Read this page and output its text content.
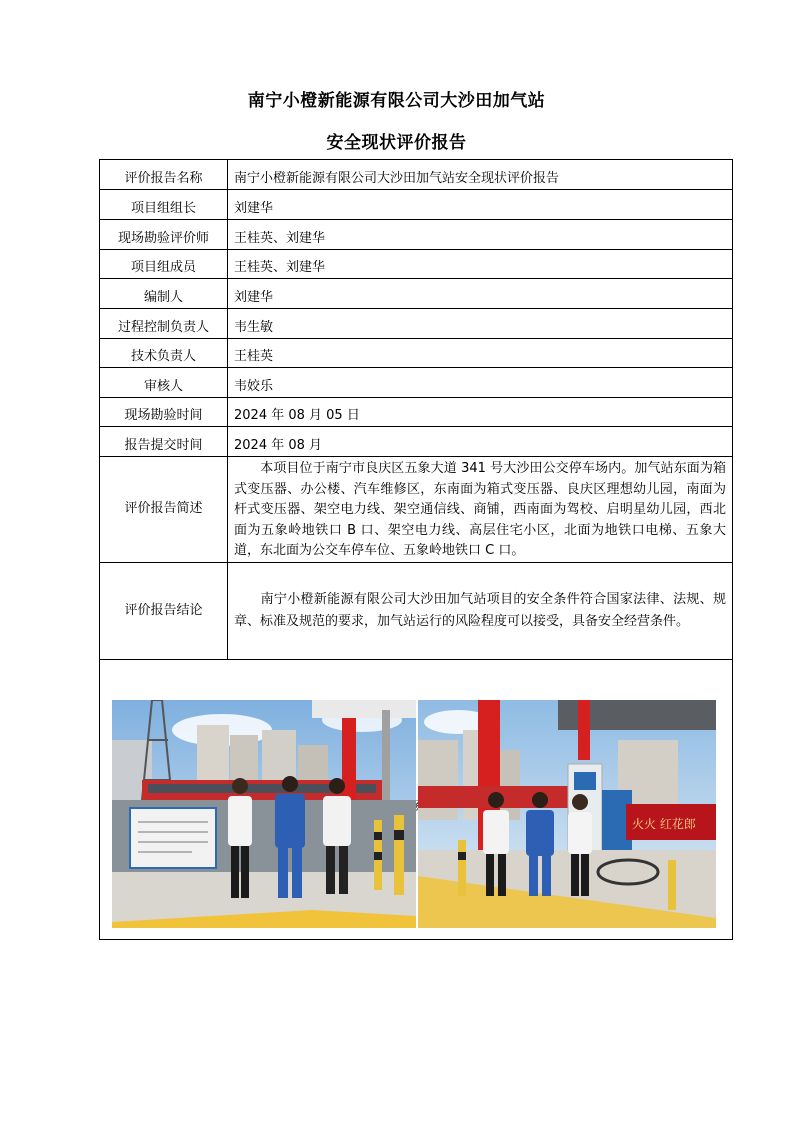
南宁小橙新能源有限公司大沙田加气站
安全现状评价报告
评价报告名称	南宁小橙新能源有限公司大沙田加气站安全现状评价报告
项目组组长	刘建华
现场勘验评价师	王桂英、刘建华
项目组成员	王桂英、刘建华
编制人	刘建华
过程控制负责人	韦生敏
技术负责人	王桂英
审核人	韦姣乐
现场勘验时间	2024 年 08 月 05 日
报告提交时间	2024 年 08 月
评价报告简述	　　本项目位于南宁市良庆区五象大道 341 号大沙田公交停车场内。加气站东面为箱式变压器、办公楼、汽车维修区，东南面为箱式变压器、良庆区理想幼儿园，南面为杆式变压器、架空电力线、架空通信线、商铺，西南面为驾校、启明星幼儿园，西北面为五象岭地铁口 B 口、架空电力线、高层住宅小区，北面为地铁口电梯、五象大道，东北面为公交车停车位、五象岭地铁口 C 口。
评价报告结论	　　南宁小橙新能源有限公司大沙田加气站项目的安全条件符合国家法律、法规、规章、标准及规范的要求，加气站运行的风险程度可以接受，具备安全经营条件。

火火 红花郎	
